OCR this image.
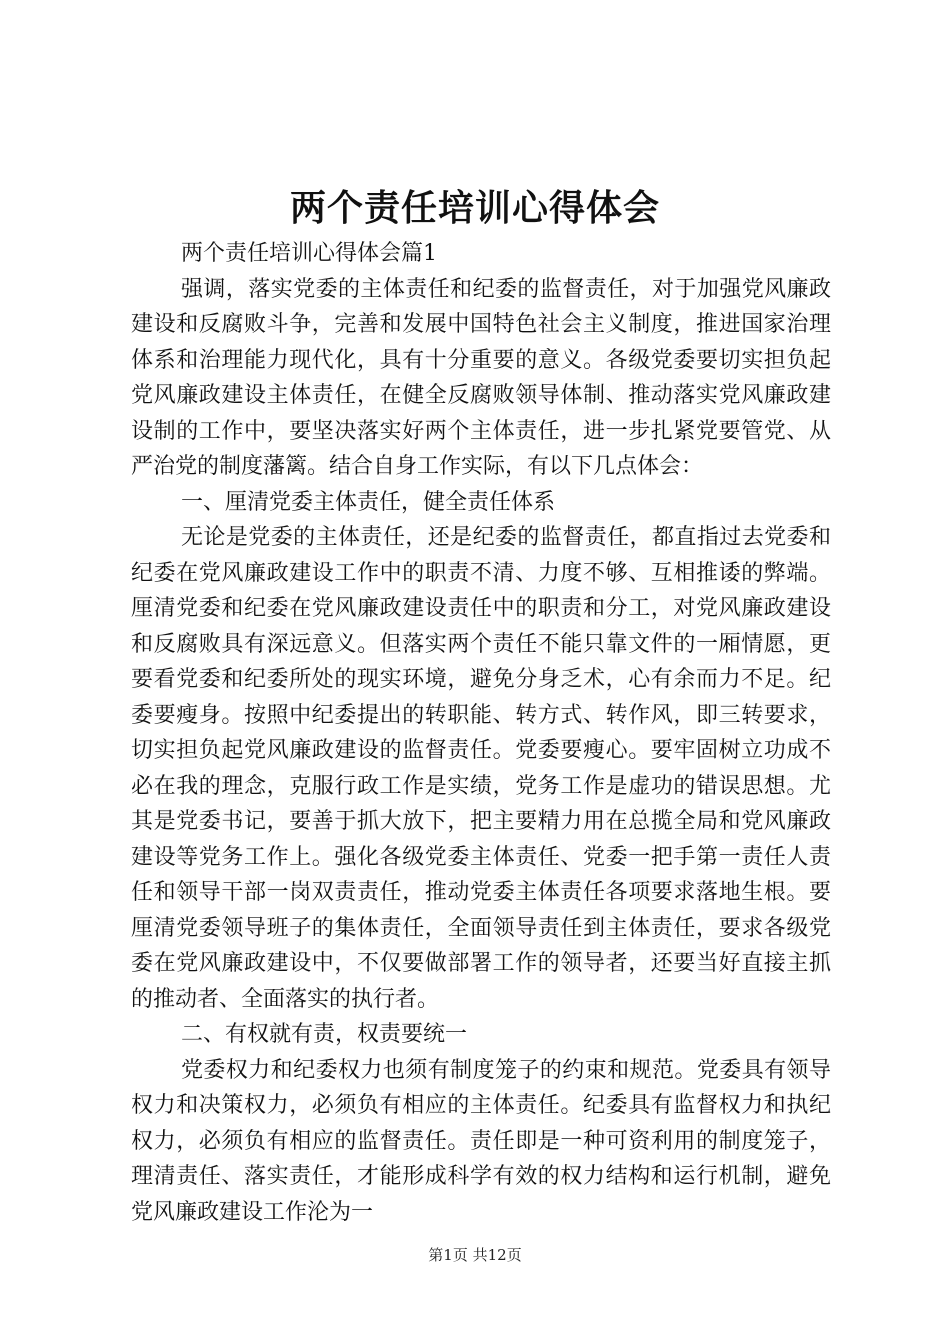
两个责任培训心得体会

两个责任培训心得体会篇1

强调，落实党委的主体责任和纪委的监督责任，对于加强党风廉政建设和反腐败斗争，完善和发展中国特色社会主义制度，推进国家治理体系和治理能力现代化，具有十分重要的意义。各级党委要切实担负起党风廉政建设主体责任，在健全反腐败领导体制、推动落实党风廉政建设制的工作中，要坚决落实好两个主体责任，进一步扎紧党要管党、从严治党的制度藩篱。结合自身工作实际，有以下几点体会：

一、厘清党委主体责任，健全责任体系

无论是党委的主体责任，还是纪委的监督责任，都直指过去党委和纪委在党风廉政建设工作中的职责不清、力度不够、互相推诿的弊端。厘清党委和纪委在党风廉政建设责任中的职责和分工，对党风廉政建设和反腐败具有深远意义。但落实两个责任不能只靠文件的一厢情愿，更要看党委和纪委所处的现实环境，避免分身乏术，心有余而力不足。纪委要瘦身。按照中纪委提出的转职能、转方式、转作风，即三转要求，切实担负起党风廉政建设的监督责任。党委要瘦心。要牢固树立功成不必在我的理念，克服行政工作是实绩，党务工作是虚功的错误思想。尤其是党委书记，要善于抓大放下，把主要精力用在总揽全局和党风廉政建设等党务工作上。强化各级党委主体责任、党委一把手第一责任人责任和领导干部一岗双责责任，推动党委主体责任各项要求落地生根。要厘清党委领导班子的集体责任，全面领导责任到主体责任，要求各级党委在党风廉政建设中，不仅要做部署工作的领导者，还要当好直接主抓的推动者、全面落实的执行者。

二、有权就有责，权责要统一

党委权力和纪委权力也须有制度笼子的约束和规范。党委具有领导权力和决策权力，必须负有相应的主体责任。纪委具有监督权力和执纪权力，必须负有相应的监督责任。责任即是一种可资利用的制度笼子，理清责任、落实责任，才能形成科学有效的权力结构和运行机制，避免党风廉政建设工作沦为一

第1页 共12页
